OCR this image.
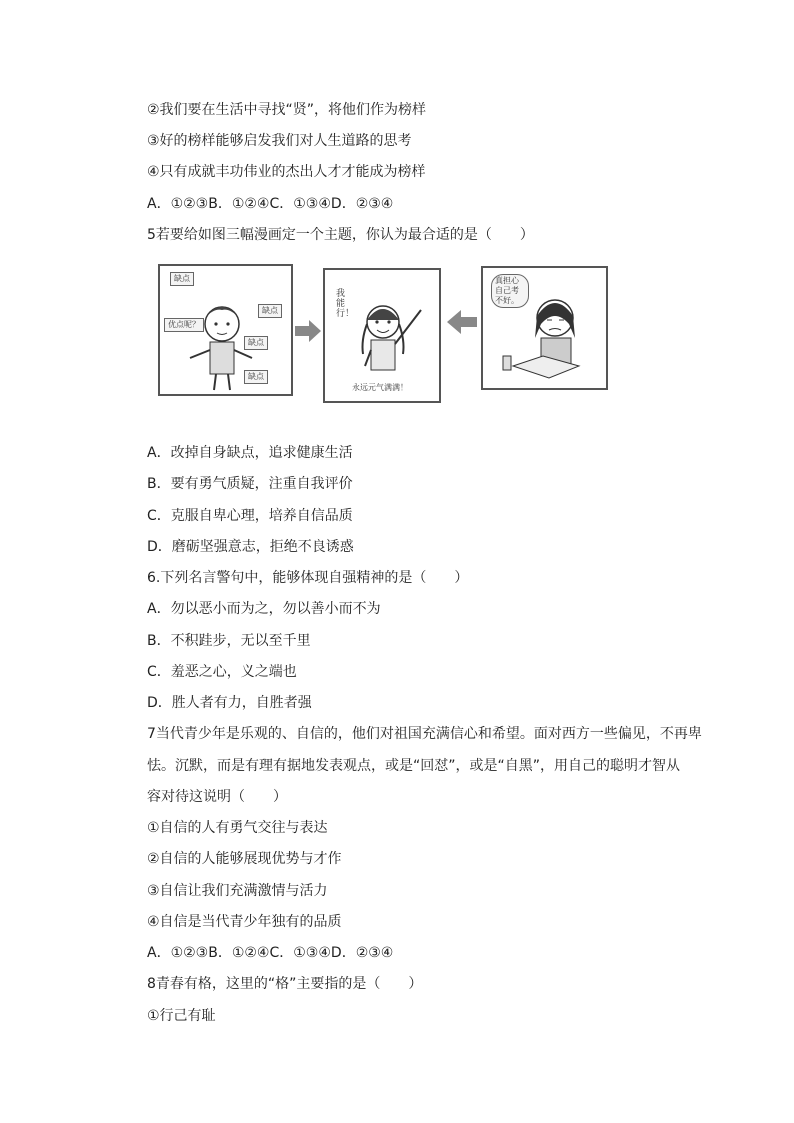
②我们要在生活中寻找“贤”，将他们作为榜样
③好的榜样能够启发我们对人生道路的思考
④只有成就丰功伟业的杰出人才才能成为榜样
A．①②③B．①②④C．①③④D．②③④
5若要给如图三幅漫画定一个主题，你认为最合适的是（　　）
缺点
优点呢？
缺点
缺点
缺点
我能行！
永远元气满满！
真担心自己考不好。
A．改掉自身缺点，追求健康生活
B．要有勇气质疑，注重自我评价
C．克服自卑心理，培养自信品质
D．磨砺坚强意志，拒绝不良诱惑
6.下列名言警句中，能够体现自强精神的是（　　）
A．勿以恶小而为之，勿以善小而不为
B．不积跬步，无以至千里
C．羞恶之心，义之端也
D．胜人者有力，自胜者强
7当代青少年是乐观的、自信的，他们对祖国充满信心和希望。面对西方一些偏见，不再卑
怯。沉默，而是有理有据地发表观点，或是“回怼”，或是“自黑”，用自己的聪明才智从
容对待这说明（　　）
①自信的人有勇气交往与表达
②自信的人能够展现优势与才作
③自信让我们充满激情与活力
④自信是当代青少年独有的品质
A．①②③B．①②④C．①③④D．②③④
8青春有格，这里的“格”主要指的是（　　）
①行己有耻
